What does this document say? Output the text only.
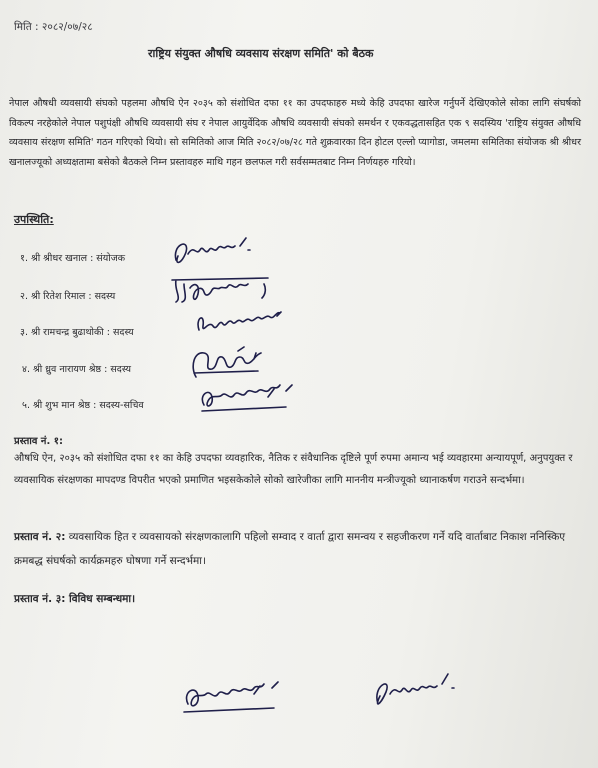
मिति : २०८२/०७/२८
राष्ट्रिय संयुक्त औषधि व्यवसाय संरक्षण समिति' को बैठक
नेपाल औषधी व्यवसायी संघको पहलमा औषधि ऐन २०३५ को संशोधित दफा ११ का उपदफाहरु मध्ये केहि उपदफा खारेज गर्नुपर्ने देखिएकोले सोका लागि संघर्षको विकल्प नरहेकोले नेपाल पशुपंक्षी औषधि व्यवसायी संघ र नेपाल आयुर्वेदिक औषधि व्यवसायी संघको समर्थन र एकवद्धतासहित एक ९ सदस्यिय 'राष्ट्रिय संयुक्त औषधि व्यवसाय संरक्षण समिति' गठन गरिएको थियो। सो समितिको आज मिति २०८२/०७/२८ गते शुक्रवारका दिन होटल एल्लो प्यागोडा, जमलमा समितिका संयोजक श्री श्रीधर खनालज्यूको अध्यक्षतामा बसेको बैठकले निम्न प्रस्तावहरु माथि गहन छलफल गरी सर्वसम्मतबाट निम्न निर्णयहरु गरियो।
उपस्थिति:
१. श्री श्रीधर खनाल : संयोजक
२. श्री रितेश रिमाल : सदस्य
३. श्री रामचन्द्र बुढाथोकी : सदस्य
४. श्री ध्रुव नारायण श्रेष्ठ : सदस्य
५. श्री शुभ मान श्रेष्ठ : सदस्य-सचिव
प्रस्ताव नं. १:
औषधि ऐन, २०३५ को संशोधित दफा ११ का केहि उपदफा व्यवहारिक, नैतिक र संवैधानिक दृष्टिले पूर्ण रुपमा अमान्य भई व्यवहारमा अन्यायपूर्ण, अनुपयुक्त र व्यवसायिक संरक्षणका मापदण्ड विपरीत भएको प्रमाणित भइसकेकोले सोको खारेजीका लागि माननीय मन्त्रीज्यूको ध्यानाकर्षण गराउने सन्दर्भमा।
प्रस्ताव नं. २: व्यवसायिक हित र व्यवसायको संरक्षणकालागि पहिलो सम्वाद र वार्ता द्वारा समन्वय र सहजीकरण गर्ने यदि वार्ताबाट निकाश ननिस्किए क्रमबद्ध संघर्षको कार्यक्रमहरु घोषणा गर्ने सन्दर्भमा।
प्रस्ताव नं. ३: विविध सम्बन्धमा।
